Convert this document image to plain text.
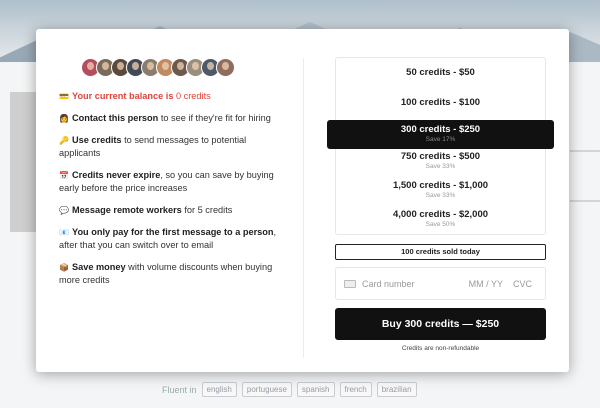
Fluent in	english	portuguese	spanish	french	brazilian
💳 Your current balance is 0 credits
👩 Contact this person to see if they're fit for hiring
🔑 Use credits to send messages to potential applicants
📅 Credits never expire, so you can save by buying early before the price increases
💬 Message remote workers for 5 credits
📧 You only pay for the first message to a person, after that you can switch over to email
📦 Save money with volume discounts when buying more credits
50 credits - $50
100 credits - $100
300 credits - $250
Save 17%
750 credits - $500
Save 33%
1,500 credits - $1,000
Save 33%
4,000 credits - $2,000
Save 50%
100 credits sold today
Card number	MM / YY CVC
Buy 300 credits — $250
Credits are non-refundable
